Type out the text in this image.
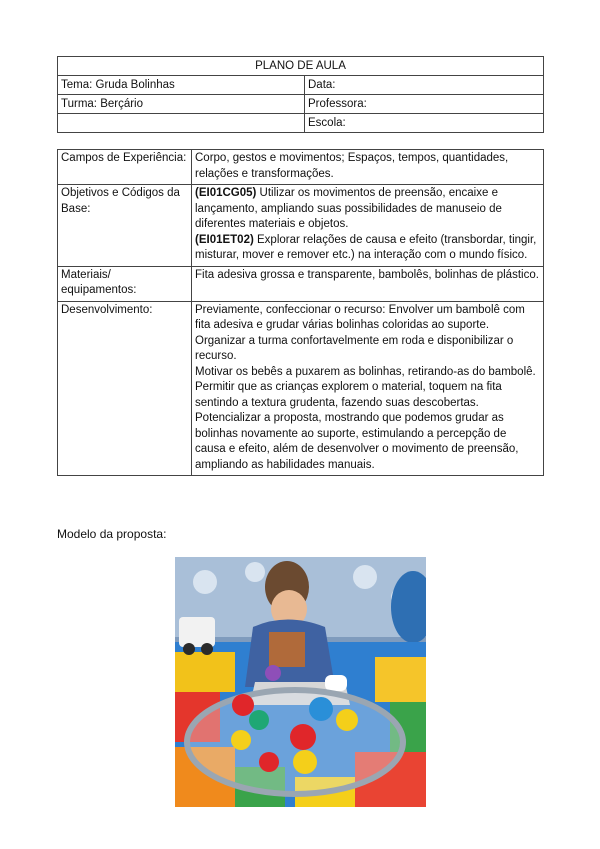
PLANO DE AULA	
Tema: Gruda Bolinhas	Data:
Turma: Berçário	Professora:
	Escola:
Campos de Experiência:	Corpo, gestos e movimentos; Espaços, tempos, quantidades, relações e transformações.
Objetivos e Códigos da Base:	(EI01CG05) Utilizar os movimentos de preensão, encaixe e lançamento, ampliando suas possibilidades de manuseio de diferentes materiais e objetos.
(EI01ET02) Explorar relações de causa e efeito (transbordar, tingir, misturar, mover e remover etc.) na interação com o mundo físico.
Materiais/ equipamentos:	Fita adesiva grossa e transparente, bambolês, bolinhas de plástico.
Desenvolvimento:	Previamente, confeccionar o recurso: Envolver um bambolê com fita adesiva e grudar várias bolinhas coloridas ao suporte.
Organizar a turma confortavelmente em roda e disponibilizar o recurso.
Motivar os bebês a puxarem as bolinhas, retirando-as do bambolê.
Permitir que as crianças explorem o material, toquem na fita sentindo a textura grudenta, fazendo suas descobertas.
Potencializar a proposta, mostrando que podemos grudar as bolinhas novamente ao suporte, estimulando a percepção de causa e efeito, além de desenvolver o movimento de preensão, ampliando as habilidades manuais.
Modelo da proposta:
